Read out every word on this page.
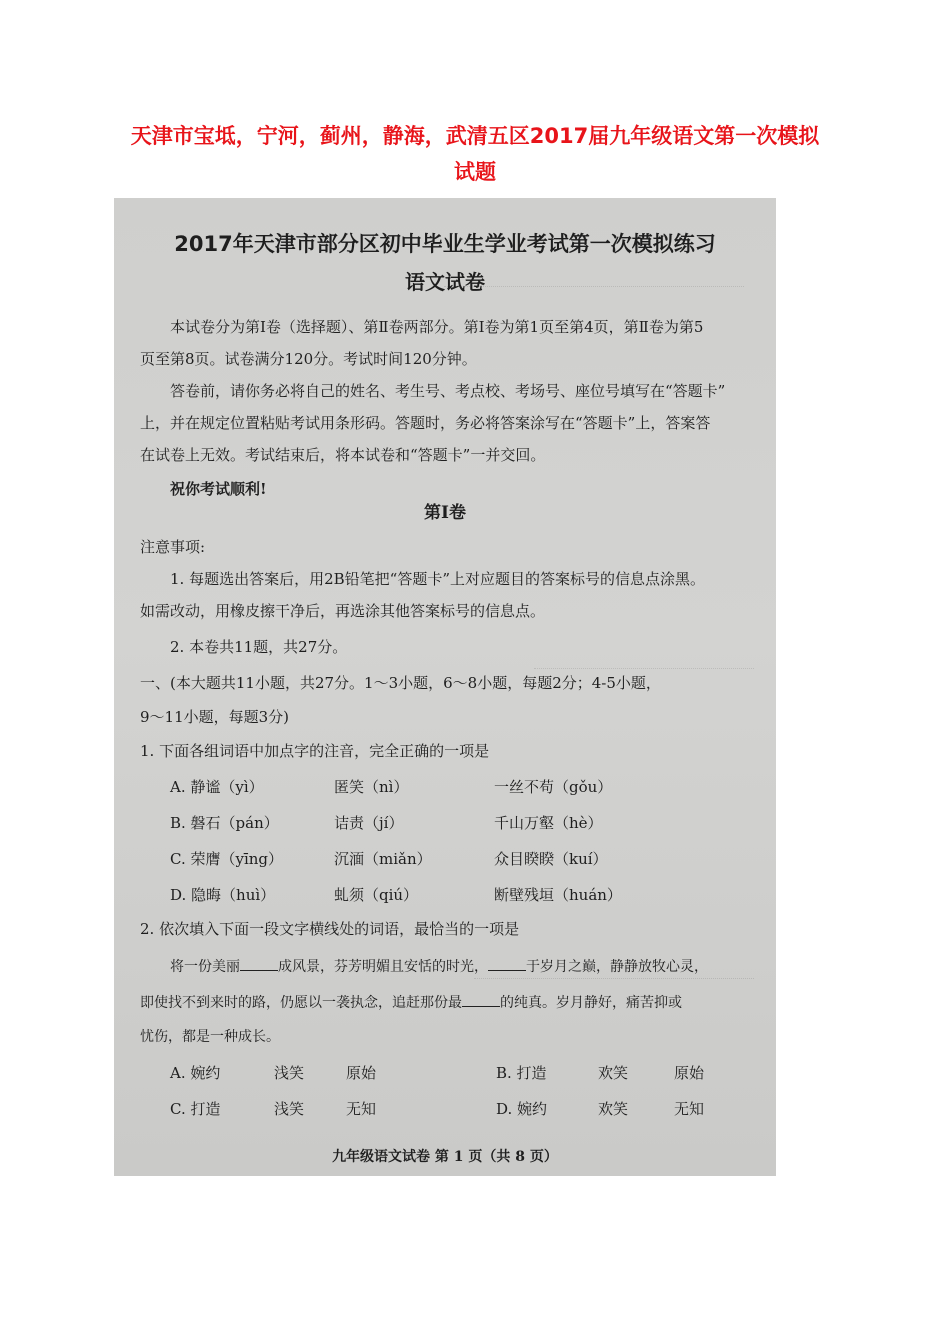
天津市宝坻，宁河，蓟州，静海，武清五区2017届九年级语文第一次模拟
试题
2017年天津市部分区初中毕业生学业考试第一次模拟练习
语文试卷
本试卷分为第Ⅰ卷（选择题）、第Ⅱ卷两部分。第Ⅰ卷为第1页至第4页，第Ⅱ卷为第5
页至第8页。试卷满分120分。考试时间120分钟。
答卷前，请你务必将自己的姓名、考生号、考点校、考场号、座位号填写在“答题卡”
上，并在规定位置粘贴考试用条形码。答题时，务必将答案涂写在“答题卡”上，答案答
在试卷上无效。考试结束后，将本试卷和“答题卡”一并交回。
祝你考试顺利!
第Ⅰ卷
注意事项:
1. 每题选出答案后，用2B铅笔把“答题卡”上对应题目的答案标号的信息点涂黑。
如需改动，用橡皮擦干净后，再选涂其他答案标号的信息点。
2. 本卷共11题，共27分。
一、(本大题共11小题，共27分。1～3小题，6～8小题，每题2分；4-5小题，
9～11小题，每题3分)
1. 下面各组词语中加点字的注音，完全正确的一项是
A. 静谧（yì）	匿笑（nì）	一丝不苟（gǒu）
B. 磐石（pán）	诘责（jí）	千山万壑（hè）
C. 荣膺（yīng）	沉湎（miǎn）	众目睽睽（kuí）
D. 隐晦（huì）	虬须（qiú）	断壁残垣（huán）
2. 依次填入下面一段文字横线处的词语，最恰当的一项是
将一份美丽	成风景，芬芳明媚且安恬的时光，	于岁月之巅，静静放牧心灵，
即使找不到来时的路，仍愿以一袭执念，追赶那份最	的纯真。岁月静好，痛苦抑或
忧伤，都是一种成长。
A. 婉约	浅笑	原始	B. 打造	欢笑	原始
C. 打造	浅笑	无知	D. 婉约	欢笑	无知
九年级语文试卷 第 1 页（共 8 页）
